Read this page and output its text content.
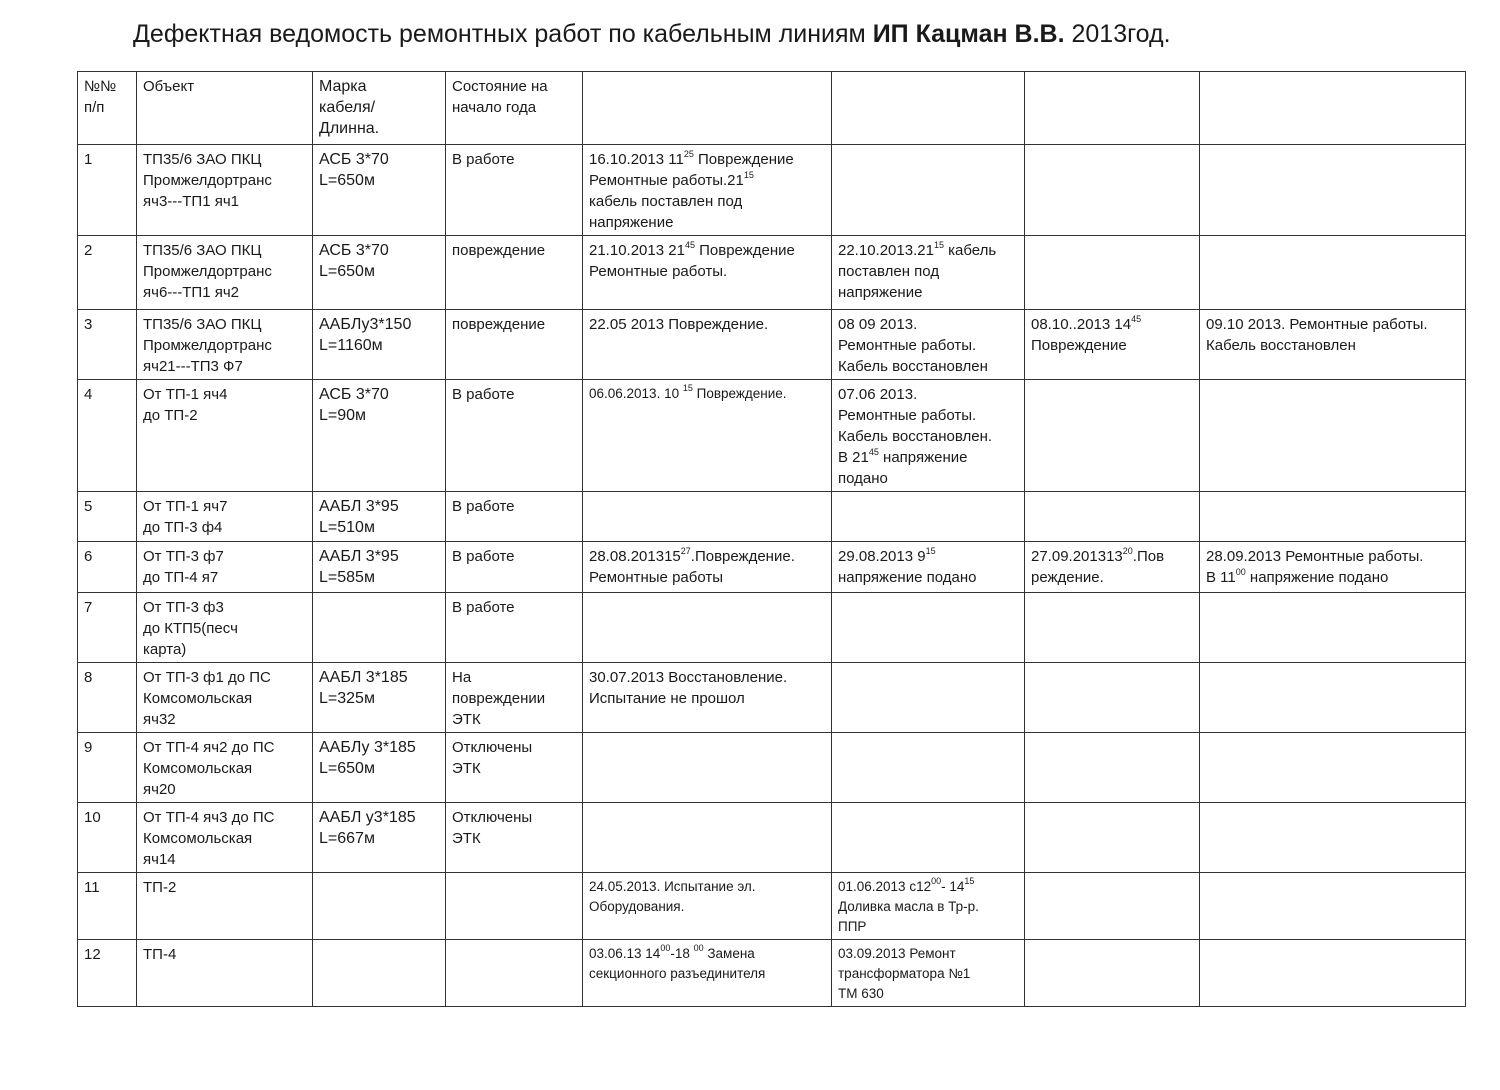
Дефектная ведомость ремонтных работ по кабельным линиям ИП Кацман В.В. 2013год.
№№
п/п	Объект	Марка
кабеля/
Длинна.	Состояние на
начало года				

1	ТП35/6 ЗАО ПКЦ
Промжелдортранс
яч3---ТП1 яч1	АСБ 3*70
L=650м	В работе	16.10.2013 $11^{25}$ Повреждение
Ремонтные $работы.21^{15}$
кабель поставлен под
напряжение			

2	ТП35/6 ЗАО ПКЦ
Промжелдортранс
яч6---ТП1 яч2	АСБ 3*70
L=650м	повреждение	21.10.2013 $21^{45}$ Повреждение
Ремонтные работы.	22.10.2013.21$^{15}$ кабель
поставлен под
напряжение		

3	ТП35/6 ЗАО ПКЦ
Промжелдортранс
яч21---ТП3 Ф7	ААБЛу3*150
L=1160м	повреждение	22.05 2013 Повреждение.	08 09 2013.
Ремонтные работы.
Кабель восстановлен	08.10..2013 $14^{45}$
Повреждение	09.10 2013. Ремонтные работы.
Кабель восстановлен

4	От ТП-1 яч4
до ТП-2	АСБ 3*70
L=90м	В работе	06.06.2013. 10 $^{15}$ Повреждение.	07.06 2013.
Ремонтные работы.
Кабель восстановлен.
В $21^{45}$ напряжение
подано		

5	От ТП-1 яч7
до ТП-3 ф4	ААБЛ 3*95
L=510м	В работе				

6	От ТП-3 ф7
до ТП-4 я7	ААБЛ 3*95
L=585м	В работе	28.08.201315$^{27}$.Повреждение.
Ремонтные работы	29.08.2013 $9^{15}$
напряжение подано	27.09.201313$^{20}$.Пов
реждение.	28.09.2013 Ремонтные работы.
В $11^{00}$ напряжение подано

7	От ТП-3 ф3
до КТП5(песч
карта)		В работе				

8	От ТП-3 ф1 до ПС
Комсомольская
яч32	ААБЛ 3*185
L=325м	На
повреждении
ЭТК	30.07.2013 Восстановление.
Испытание не прошол			

9	От ТП-4 яч2 до ПС
Комсомольская
яч20	ААБЛу 3*185
L=650м	Отключены
ЭТК				

10	От ТП-4 яч3 до ПС
Комсомольская
яч14	ААБЛ у3*185
L=667м	Отключены
ЭТК				

11	ТП-2			24.05.2013. Испытание эл.
Оборудования.	01.06.2013 $с12^{00}-$ $14^{15}$
Доливка масла в Тр-р.
ППР		

12	ТП-4			03.06.13 $14^{00}-18$ $^{00}$ Замена
секционного разъединителя	03.09.2013 Ремонт
трансформатора №1
ТМ 630		
